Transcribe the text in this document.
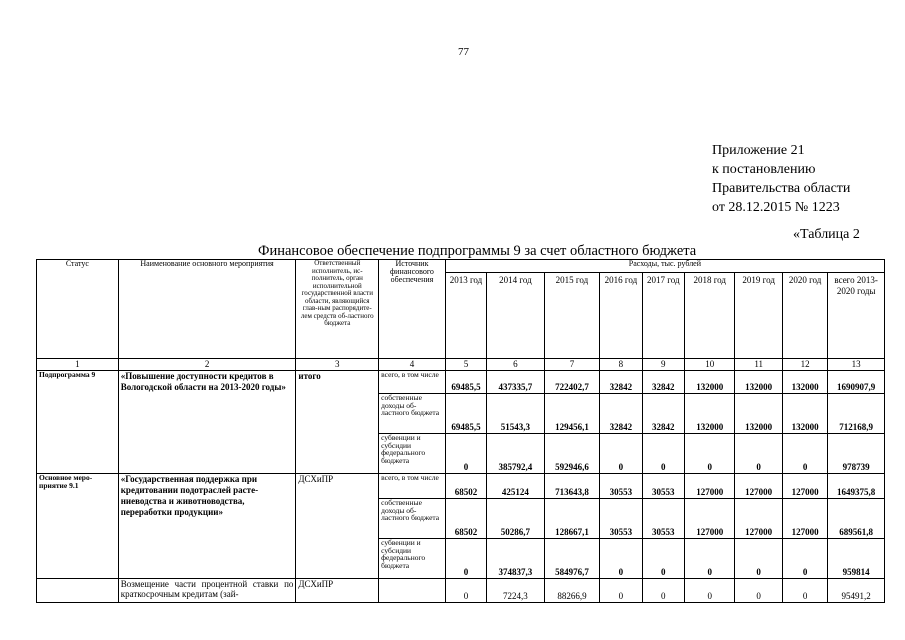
77
Приложение 21
к постановлению
Правительства области
от 28.12.2015 № 1223
«Таблица 2
Финансовое обеспечение подпрограммы 9 за счет областного бюджета
Статус	Наименование основного мероприятия	Ответственный исполнитель, ис-полнитель, орган исполнительной государственной власти области, являющийся глав-ным распорядите-лем средств об-ластного бюджета	Источник финансового обеспечения	Расходы, тыс. рублей								
				2013 год	2014 год	2015 год	2016 год	2017 год	2018 год	2019 год	2020 год	всего 2013-2020 годы
1	2	3	4	5	6	7	8	9	10	11	12	13
Подпрограмма 9	«Повышение доступности кредитов в Вологодской области на 2013-2020 годы»	итого	всего, в том числе	69485,5	437335,7	722402,7	32842	32842	132000	132000	132000	1690907,9
			собственные доходы об-ластного бюджета	69485,5	51543,3	129456,1	32842	32842	132000	132000	132000	712168,9
			субвенции и субсидии федерального бюджета	0	385792,4	592946,6	0	0	0	0	0	978739
Основное меро-приятие 9.1	«Государственная поддержка при кредитовании подотраслей расте-ниеводства и животноводства, переработки продукции»	ДСХиПР	всего, в том числе	68502	425124	713643,8	30553	30553	127000	127000	127000	1649375,8
			собственные доходы об-ластного бюджета	68502	50286,7	128667,1	30553	30553	127000	127000	127000	689561,8
			субвенции и субсидии федерального бюджета	0	374837,3	584976,7	0	0	0	0	0	959814
	Возмещение части процентной ставки по краткосрочным кредитам (зай-	ДСХиПР		0	7224,3	88266,9	0	0	0	0	0	95491,2
